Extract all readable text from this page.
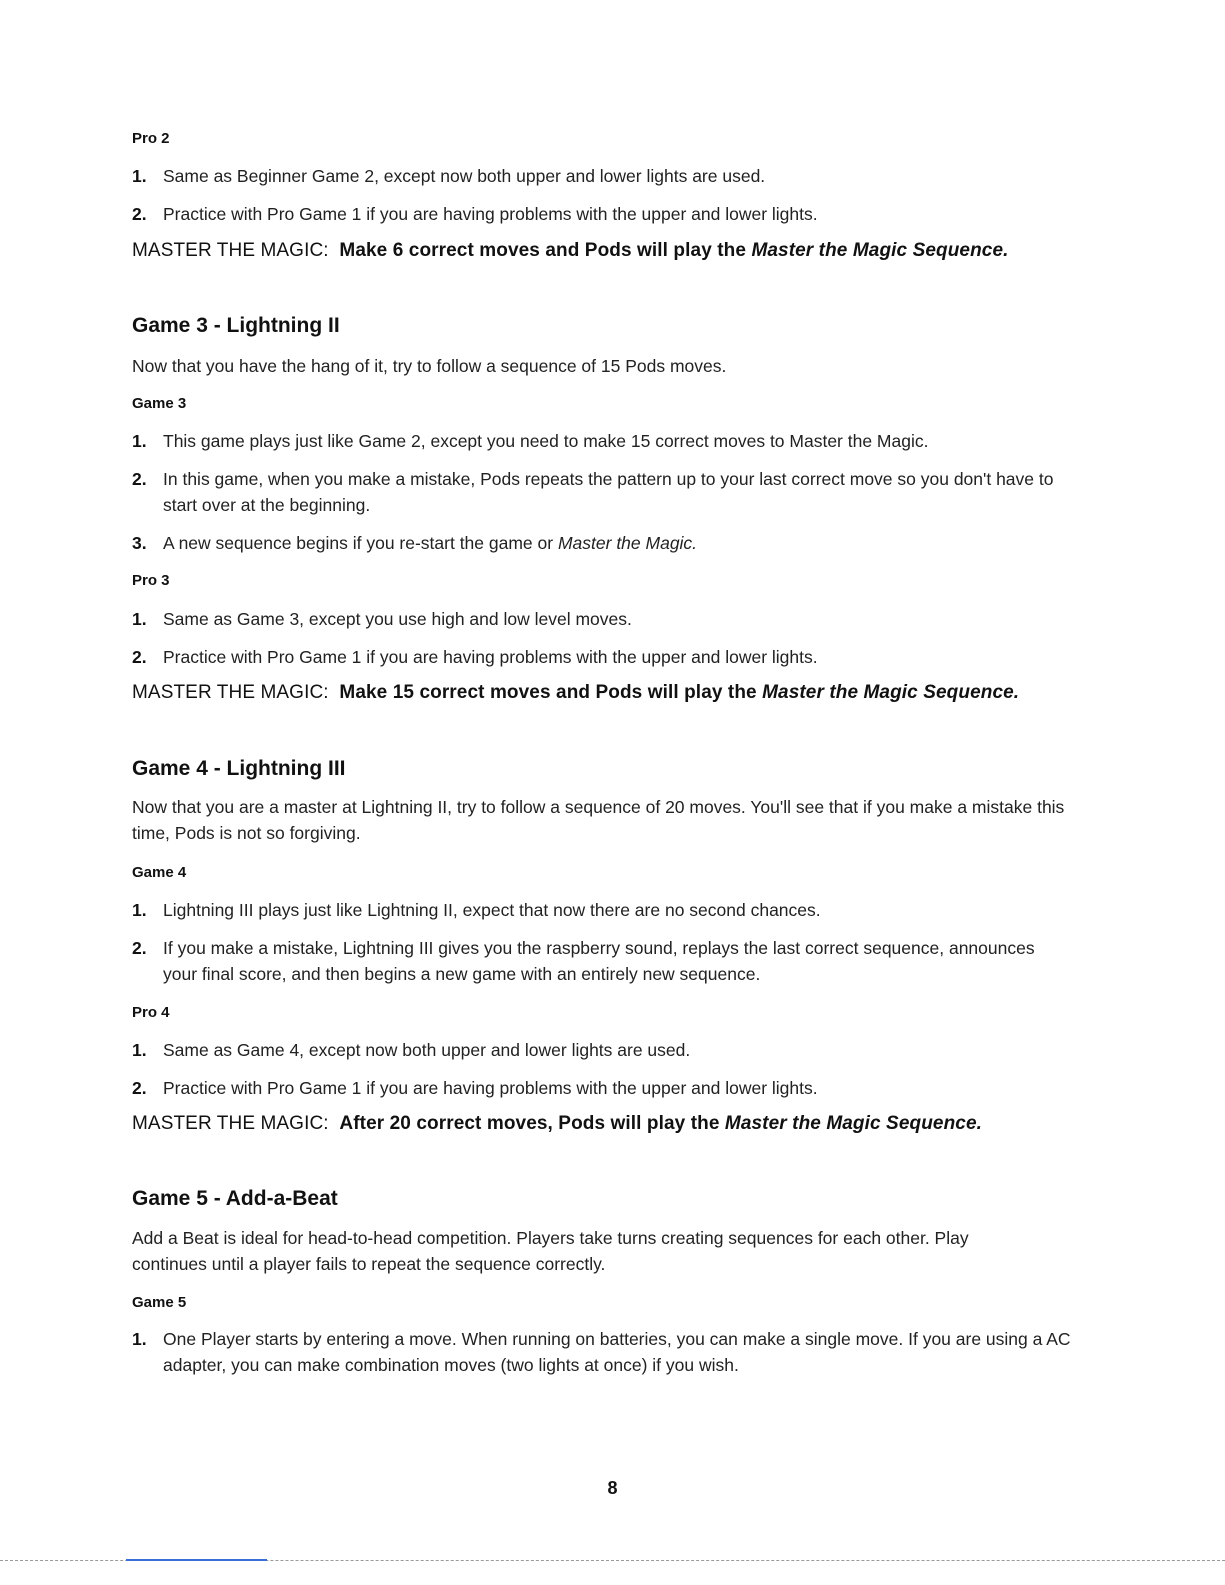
Pro 2
1. Same as Beginner Game 2, except now both upper and lower lights are used.
2. Practice with Pro Game 1 if you are having problems with the upper and lower lights.
MASTER THE MAGIC: Make 6 correct moves and Pods will play the Master the Magic Sequence.
Game 3 - Lightning II
Now that you have the hang of it, try to follow a sequence of 15 Pods moves.
Game 3
1. This game plays just like Game 2, except you need to make 15 correct moves to Master the Magic.
2. In this game, when you make a mistake, Pods repeats the pattern up to your last correct move so you don't have to start over at the beginning.
3. A new sequence begins if you re-start the game or Master the Magic.
Pro 3
1. Same as Game 3, except you use high and low level moves.
2. Practice with Pro Game 1 if you are having problems with the upper and lower lights.
MASTER THE MAGIC: Make 15 correct moves and Pods will play the Master the Magic Sequence.
Game 4 - Lightning III
Now that you are a master at Lightning II, try to follow a sequence of 20 moves. You'll see that if you make a mistake this time, Pods is not so forgiving.
Game 4
1. Lightning III plays just like Lightning II, expect that now there are no second chances.
2. If you make a mistake, Lightning III gives you the raspberry sound, replays the last correct sequence, announces your final score, and then begins a new game with an entirely new sequence.
Pro 4
1. Same as Game 4, except now both upper and lower lights are used.
2. Practice with Pro Game 1 if you are having problems with the upper and lower lights.
MASTER THE MAGIC: After 20 correct moves, Pods will play the Master the Magic Sequence.
Game 5 - Add-a-Beat
Add a Beat is ideal for head-to-head competition. Players take turns creating sequences for each other. Play continues until a player fails to repeat the sequence correctly.
Game 5
1. One Player starts by entering a move. When running on batteries, you can make a single move. If you are using a AC adapter, you can make combination moves (two lights at once) if you wish.
8
